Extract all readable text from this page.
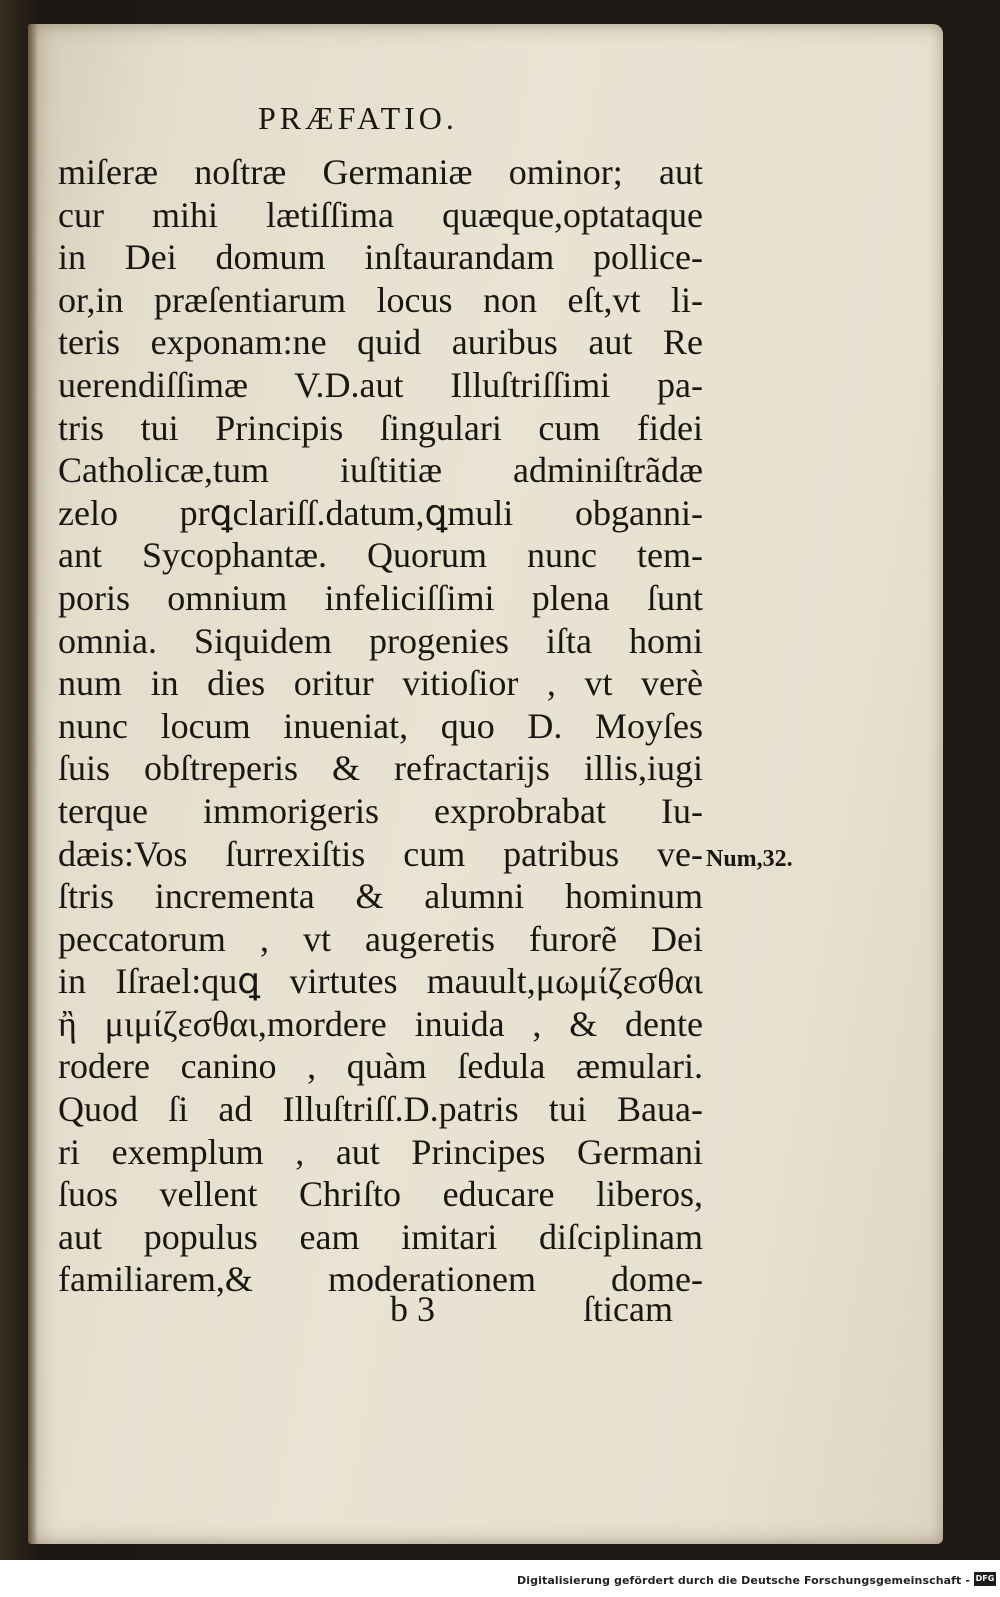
PRÆFATIO.
miſeræ noſtræ Germaniæ ominor; aut
cur mihi lætiſſima quæque,optataque
in Dei domum inſtaurandam pollice-
or,in præſentiarum locus non eſt,vt li-
teris exponam:ne quid auribus aut Re
uerendiſſimæ V.D.aut Illuſtriſſimi pa-
tris tui Principis ſingulari cum fidei
Catholicæ,tum iuſtitiæ adminiſtrãdæ
zelo prꝗclariſſ.datum,ꝗmuli obganni-
ant Sycophantæ. Quorum nunc tem-
poris omnium infeliciſſimi plena ſunt
omnia. Siquidem progenies iſta homi
num in dies oritur vitioſior , vt verè
nunc locum inueniat, quo D. Moyſes
ſuis obſtreperis & refractarijs illis,iugi
terque immorigeris exprobrabat Iu-
dæis:Vos ſurrexiſtis cum patribus ve-
ſtris incrementa & alumni hominum
peccatorum , vt augeretis furorẽ Dei
in Iſrael:quꝗ virtutes mauult,μωμίζεσθαι
ἢ μιμίζεσθαι,mordere inuida , & dente
rodere canino , quàm ſedula æmulari.
Quod ſi ad Illuſtriſſ.D.patris tui Baua-
ri exemplum , aut Principes Germani
ſuos vellent Chriſto educare liberos,
aut populus eam imitari diſciplinam
familiarem,& moderationem dome-
Num,32.
b 3	ſticam
Digitalisierung gefördert durch die Deutsche Forschungsgemeinschaft - DFG
